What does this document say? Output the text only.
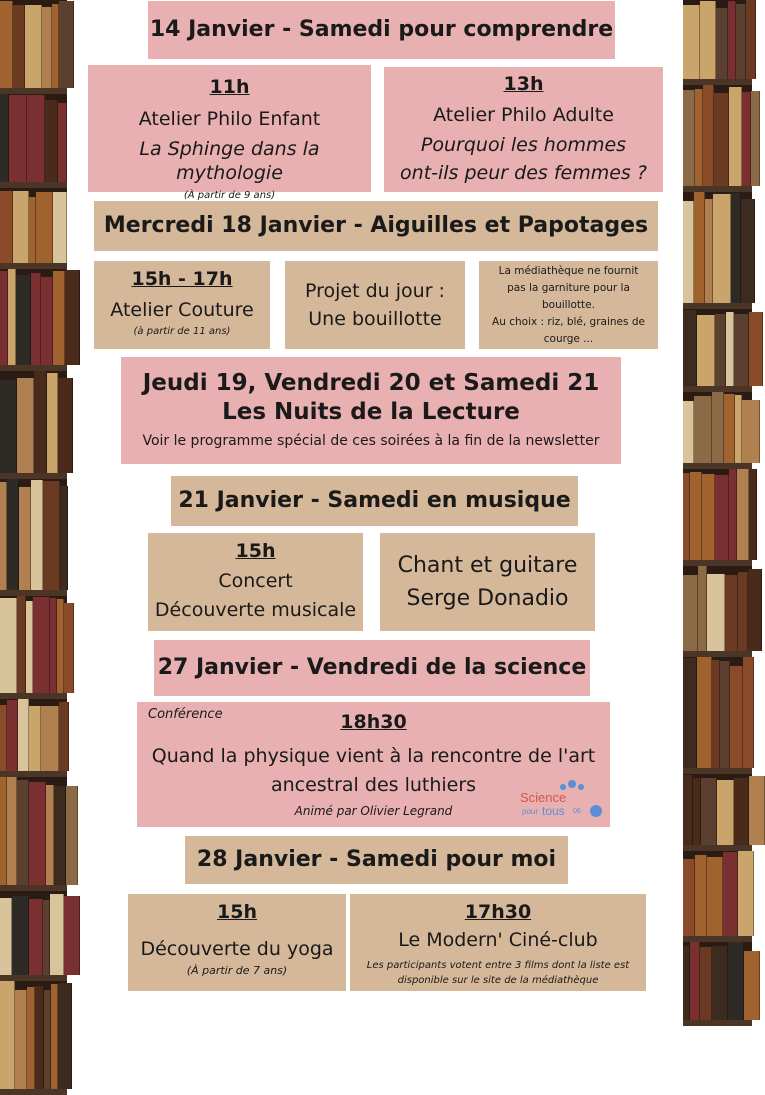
14 Janvier - Samedi pour comprendre
11h
Atelier Philo Enfant
La Sphinge dans la mythologie
(À partir de 9 ans)
13h
Atelier Philo Adulte
Pourquoi les hommes
ont-ils peur des femmes ?
Mercredi 18 Janvier - Aiguilles et Papotages
15h - 17h
Atelier Couture
(à partir de 11 ans)
Projet du jour :
Une bouillotte
La médiathèque ne fournit
pas la garniture pour la
bouillotte.
Au choix : riz, blé, graines de
courge ...
Jeudi 19, Vendredi 20 et Samedi 21
Les Nuits de la Lecture
Voir le programme spécial de ces soirées à la fin de la newsletter
21 Janvier - Samedi en musique
15h
Concert
Découverte musicale
Chant et guitare
Serge Donadio
27 Janvier - Vendredi de la science
Conférence	18h30
Quand la physique vient à la rencontre de l'art
ancestral des luthiers
Animé par Olivier Legrand
Science
pour tous 06
28 Janvier - Samedi pour moi
15h
Découverte du yoga
(À partir de 7 ans)
17h30
Le Modern' Ciné-club
Les participants votent entre 3 films dont la liste est
disponible sur le site de la médiathèque
